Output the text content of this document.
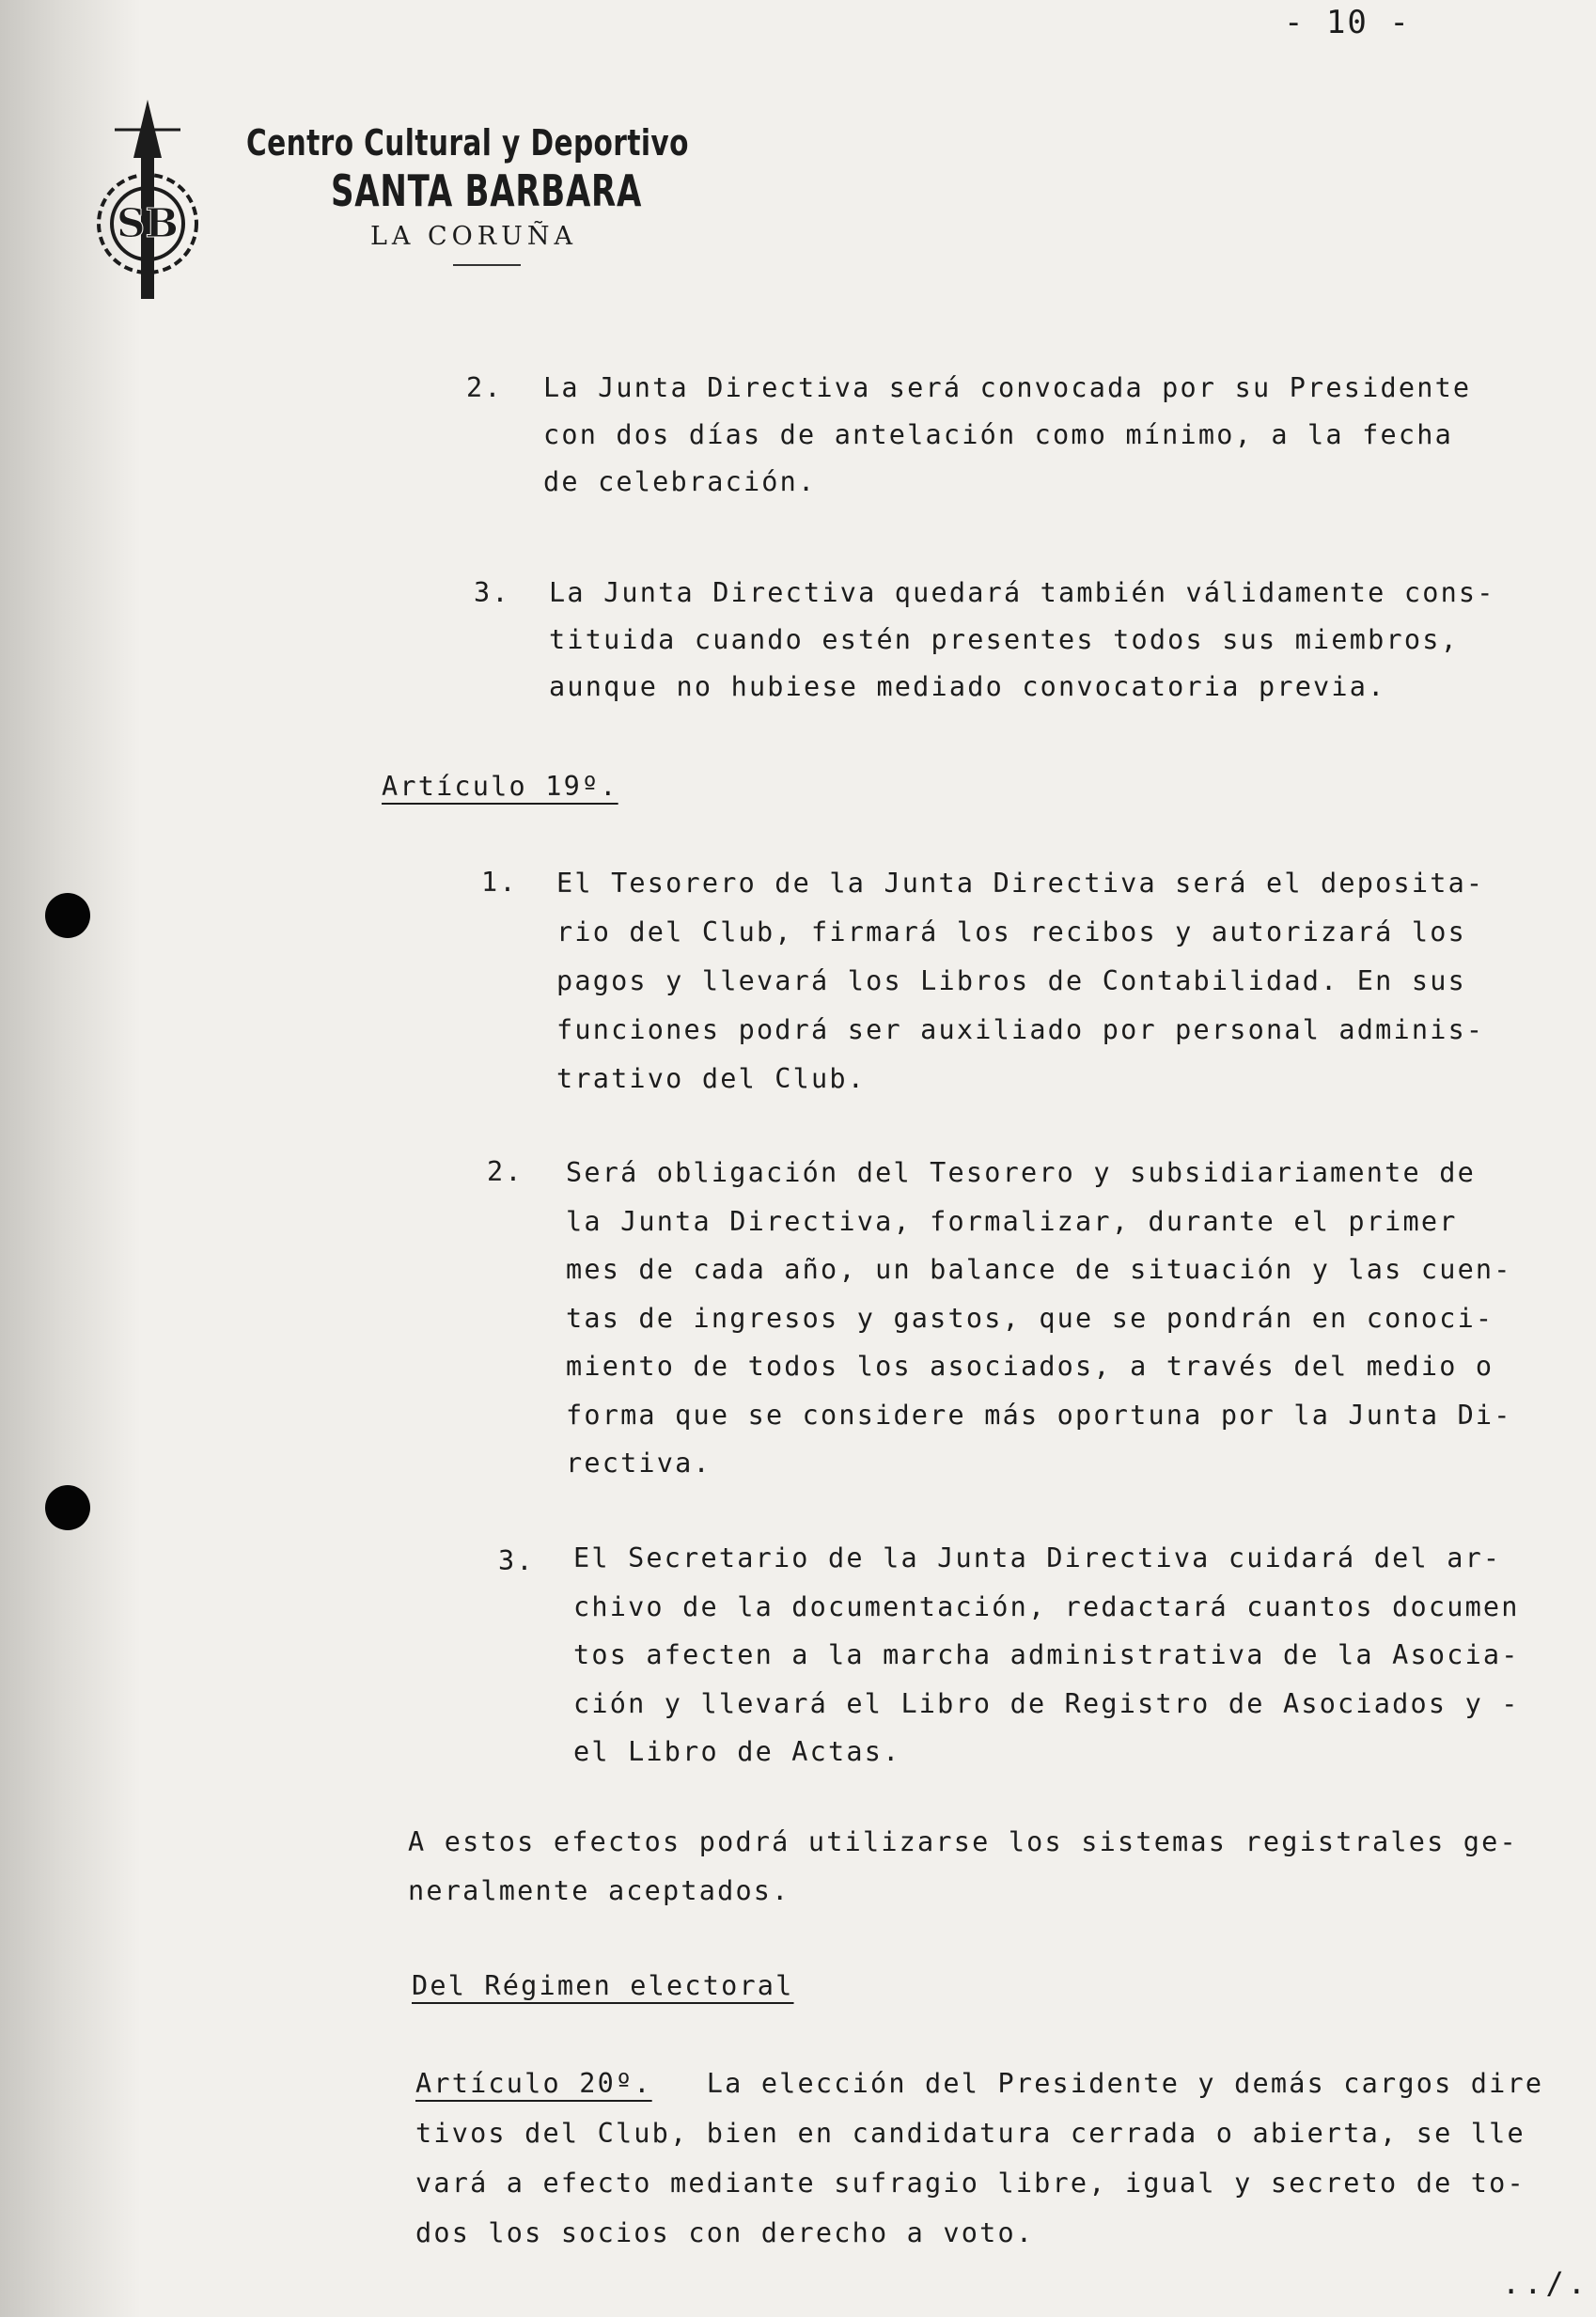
- 10 -
SB
Centro Cultural y Deportivo
SANTA BARBARA
LA CORUÑA
2. La Junta Directiva será convocada por su Presidente
con dos días de antelación como mínimo, a la fecha
de celebración.
3. La Junta Directiva quedará también válidamente cons-
tituida cuando estén presentes todos sus miembros,
aunque no hubiese mediado convocatoria previa.
Artículo 19º.
1. El Tesorero de la Junta Directiva será el deposita-
rio del Club, firmará los recibos y autorizará los
pagos y llevará los Libros de Contabilidad. En sus
funciones podrá ser auxiliado por personal adminis-
trativo del Club.
2. Será obligación del Tesorero y subsidiariamente de
la Junta Directiva, formalizar, durante el primer
mes de cada año, un balance de situación y las cuen-
tas de ingresos y gastos, que se pondrán en conoci-
miento de todos los asociados, a través del medio o
forma que se considere más oportuna por la Junta Di-
rectiva.
3. El Secretario de la Junta Directiva cuidará del ar-
chivo de la documentación, redactará cuantos documen
tos afecten a la marcha administrativa de la Asocia-
ción y llevará el Libro de Registro de Asociados y -
el Libro de Actas.
A estos efectos podrá utilizarse los sistemas registrales ge-
neralmente aceptados.
Del Régimen electoral
Artículo 20º. La elección del Presidente y demás cargos dire
tivos del Club, bien en candidatura cerrada o abierta, se lle
vará a efecto mediante sufragio libre, igual y secreto de to-
dos los socios con derecho a voto.
../.
